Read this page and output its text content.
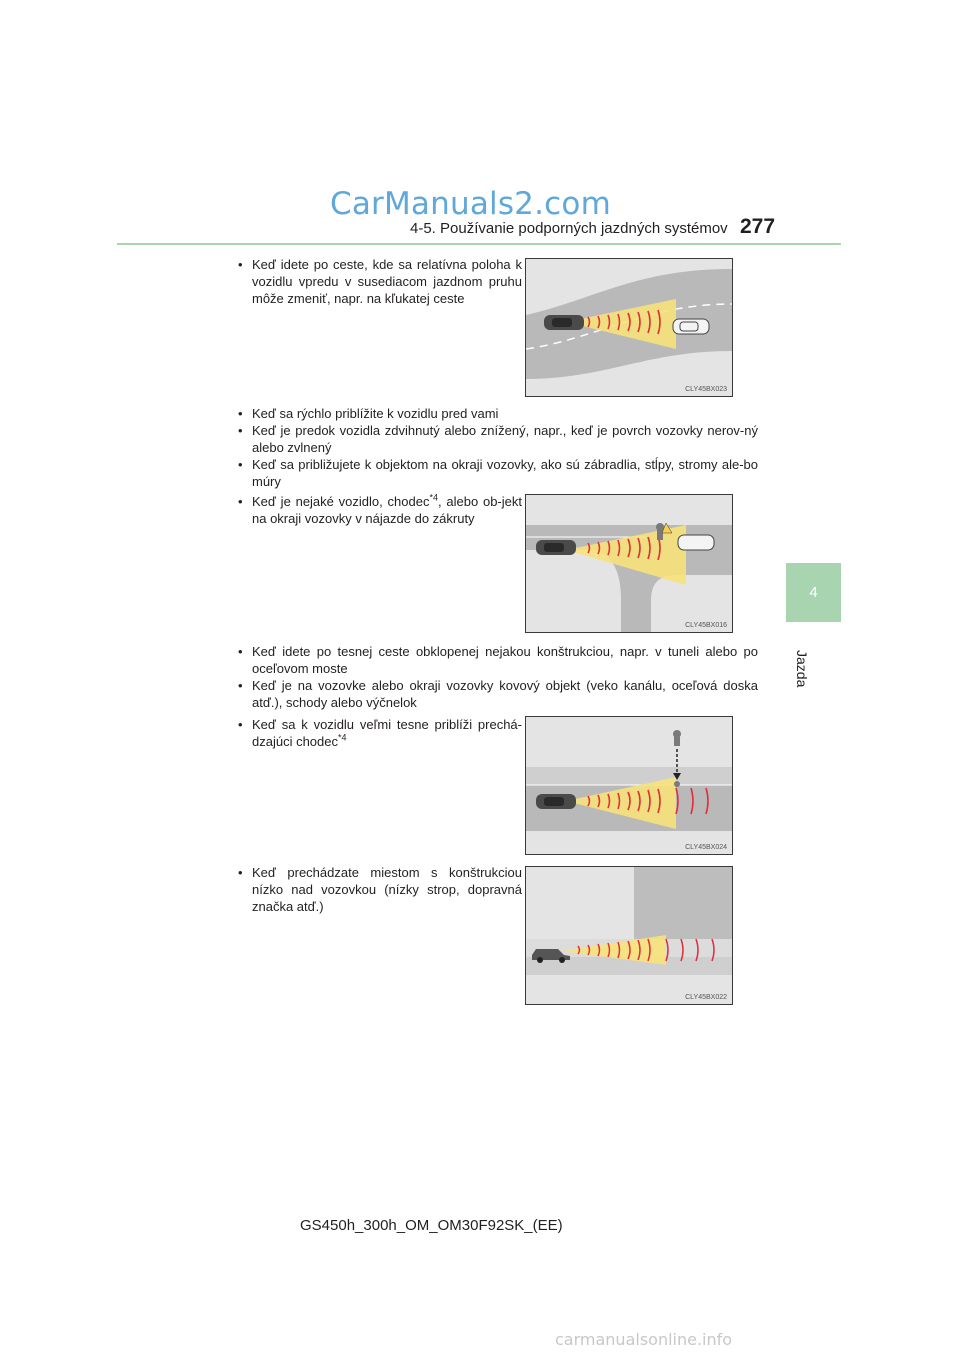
CarManuals2.com
4-5. Používanie podporných jazdných systémov 277
4
Jazda
• Keď idete po ceste, kde sa relatívna poloha k vozidlu vpredu v susediacom jazdnom pruhu môže zmeniť, napr. na kľukatej ceste
• Keď sa rýchlo priblížite k vozidlu pred vami
• Keď je predok vozidla zdvihnutý alebo znížený, napr., keď je povrch vozovky nerov-ný alebo zvlnený
• Keď sa približujete k objektom na okraji vozovky, ako sú zábradlia, stĺpy, stromy ale-bo múry
• Keď je nejaké vozidlo, chodec$^{*4}$, alebo ob-jekt na okraji vozovky v nájazde do zákruty
• Keď idete po tesnej ceste obklopenej nejakou konštrukciou, napr. v tuneli alebo po oceľovom moste
• Keď je na vozovke alebo okraji vozovky kovový objekt (veko kanálu, oceľová doska atď.), schody alebo výčnelok
• Keď sa k vozidlu veľmi tesne priblíži prechá-dzajúci chodec$^{*4}$
• Keď prechádzate miestom s konštrukciou nízko nad vozovkou (nízky strop, dopravná značka atď.)
CLY45BX023
CLY45BX016
CLY45BX024
CLY45BX022
GS450h_300h_OM_OM30F92SK_(EE)
carmanualsonline.info
